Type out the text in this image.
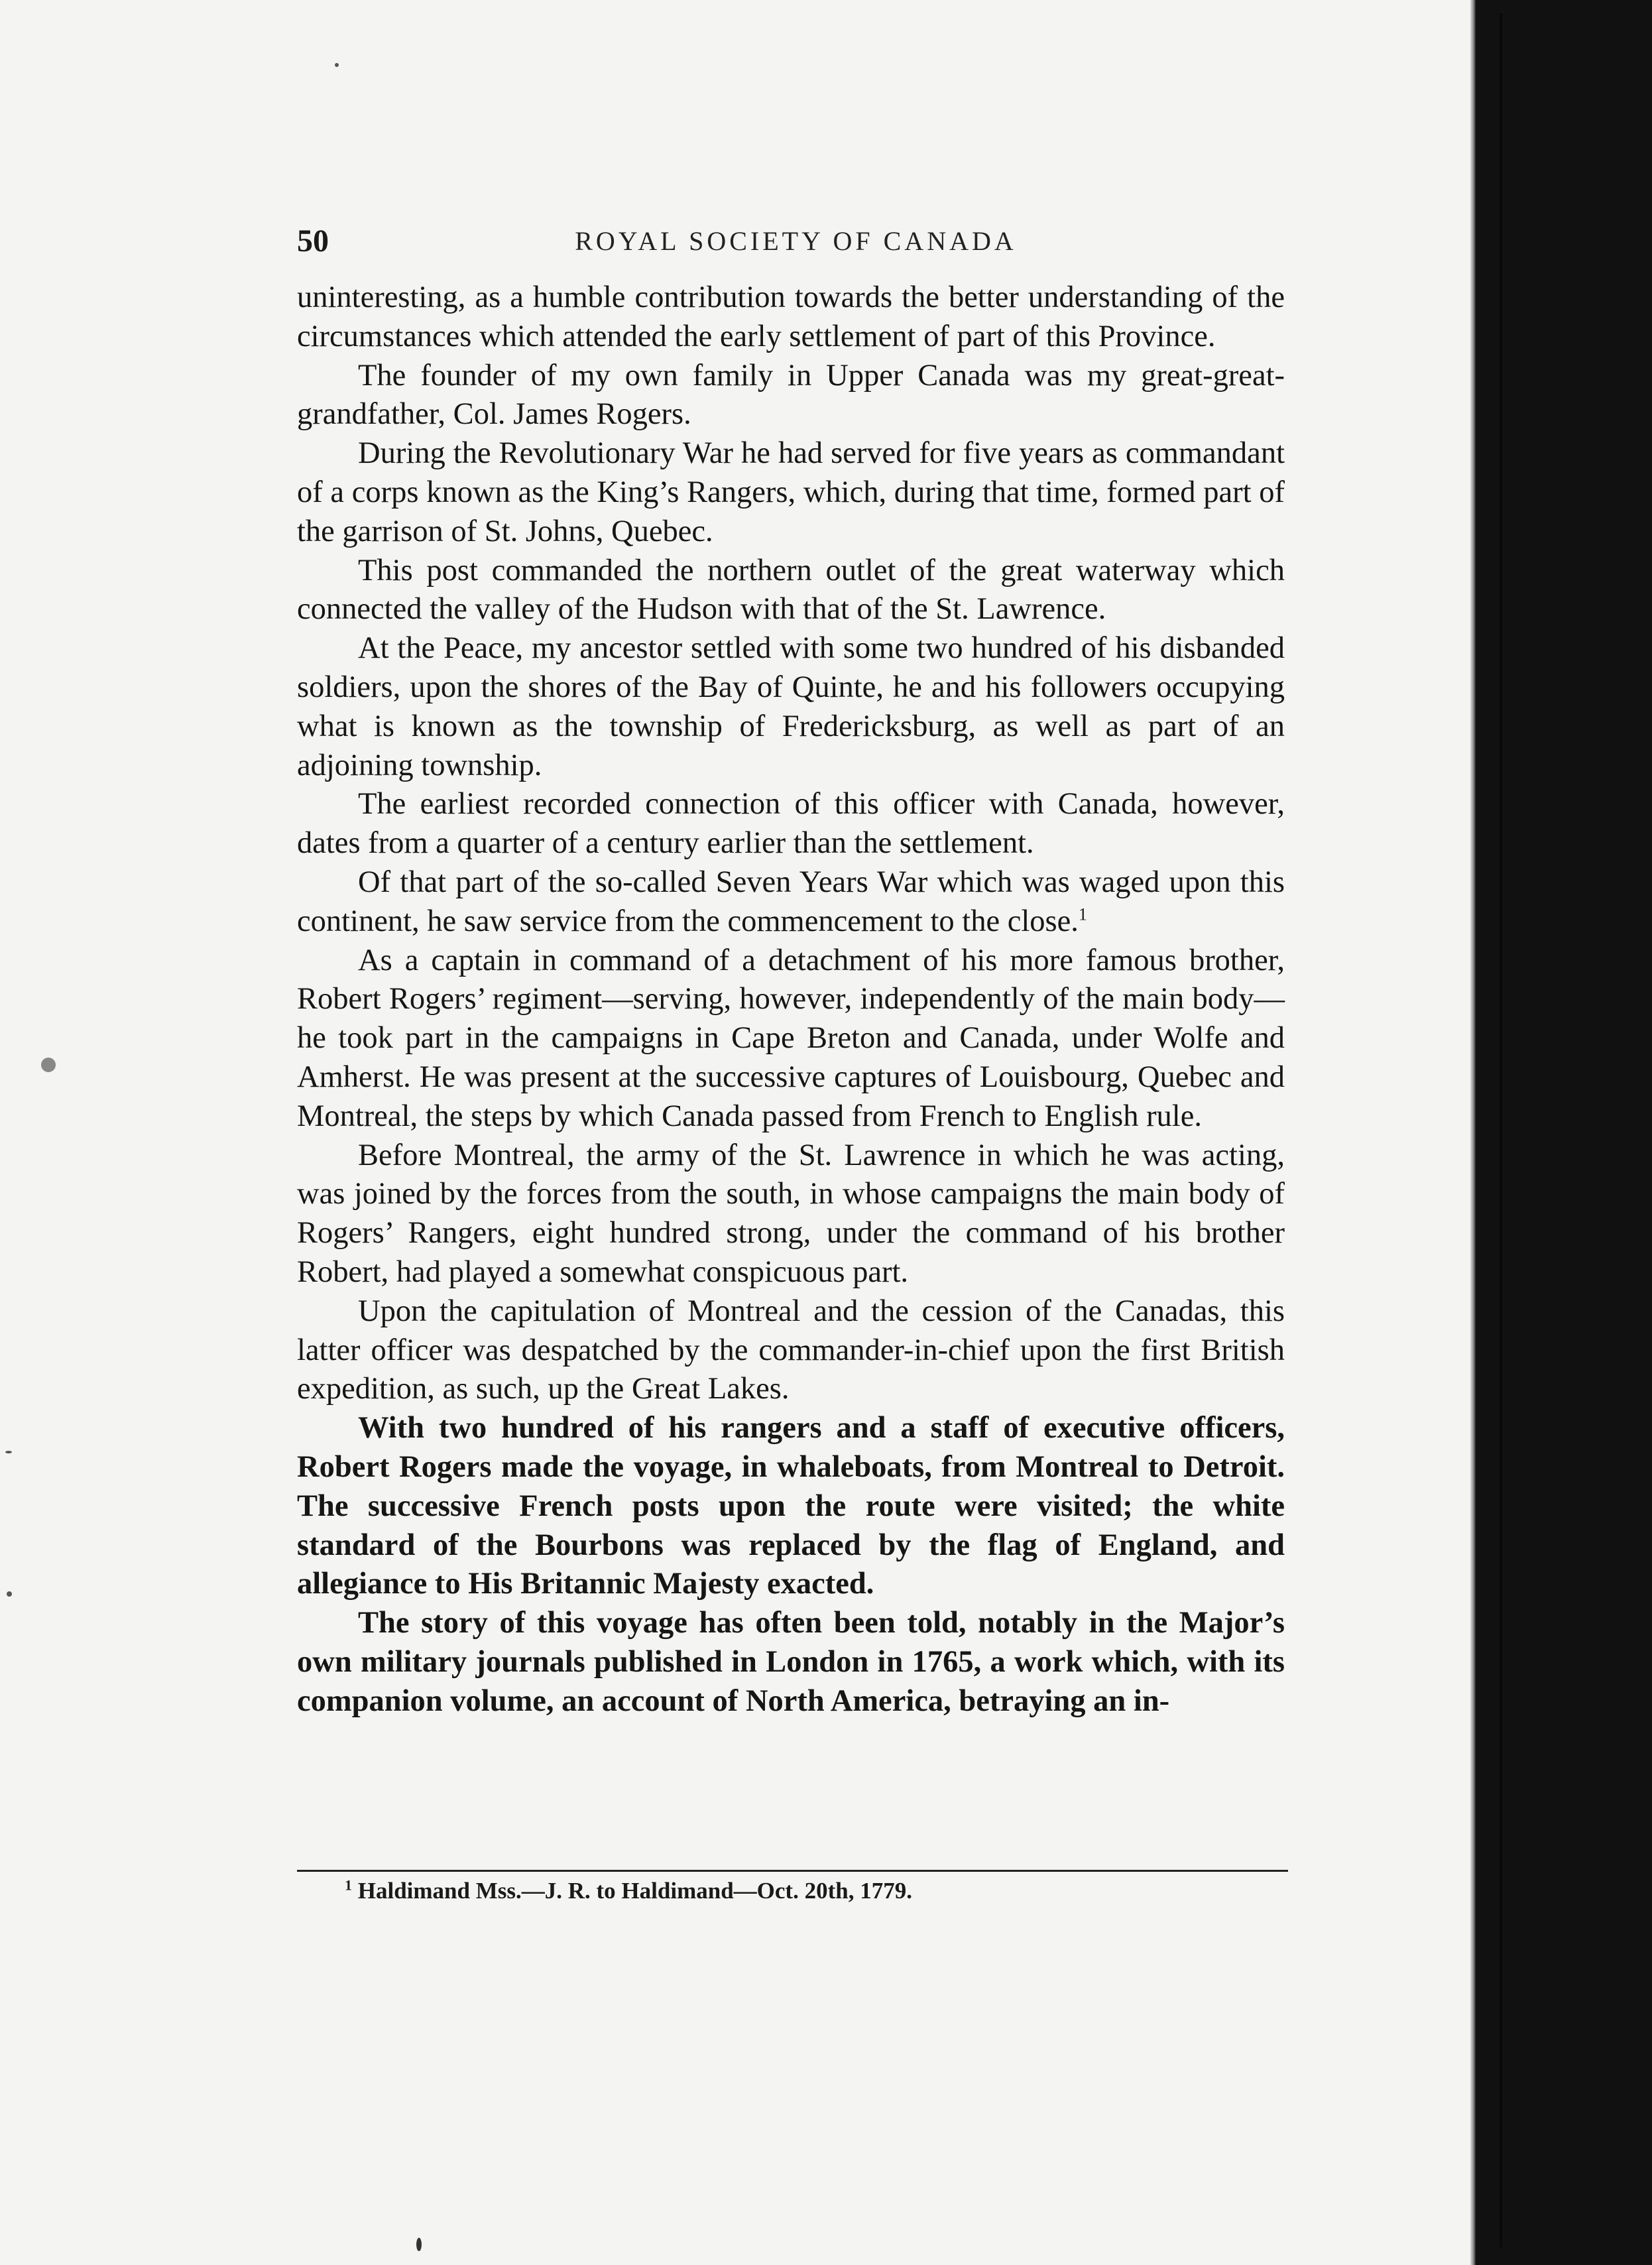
50	ROYAL SOCIETY OF CANADA

uninteresting, as a humble contribution towards the better understanding of the circumstances which attended the early settlement of part of this Province.

The founder of my own family in Upper Canada was my great-great-grandfather, Col. James Rogers.

During the Revolutionary War he had served for five years as commandant of a corps known as the King’s Rangers, which, during that time, formed part of the garrison of St. Johns, Quebec.

This post commanded the northern outlet of the great waterway which connected the valley of the Hudson with that of the St. Lawrence.

At the Peace, my ancestor settled with some two hundred of his disbanded soldiers, upon the shores of the Bay of Quinte, he and his followers occupying what is known as the township of Fredericksburg, as well as part of an adjoining township.

The earliest recorded connection of this officer with Canada, however, dates from a quarter of a century earlier than the settlement.

Of that part of the so-called Seven Years War which was waged upon this continent, he saw service from the commencement to the close.$^1$

As a captain in command of a detachment of his more famous brother, Robert Rogers’ regiment—serving, however, independently of the main body—he took part in the campaigns in Cape Breton and Canada, under Wolfe and Amherst. He was present at the successive captures of Louisbourg, Quebec and Montreal, the steps by which Canada passed from French to English rule.

Before Montreal, the army of the St. Lawrence in which he was acting, was joined by the forces from the south, in whose campaigns the main body of Rogers’ Rangers, eight hundred strong, under the command of his brother Robert, had played a somewhat conspicuous part.

Upon the capitulation of Montreal and the cession of the Canadas, this latter officer was despatched by the commander-in-chief upon the first British expedition, as such, up the Great Lakes.

With two hundred of his rangers and a staff of executive officers, Robert Rogers made the voyage, in whaleboats, from Montreal to Detroit. The successive French posts upon the route were visited; the white standard of the Bourbons was replaced by the flag of England, and allegiance to His Britannic Majesty exacted.

The story of this voyage has often been told, notably in the Major’s own military journals published in London in 1765, a work which, with its companion volume, an account of North America, betraying an in-

$^1$ Haldimand Mss.—J. R. to Haldimand—Oct. 20th, 1779.
